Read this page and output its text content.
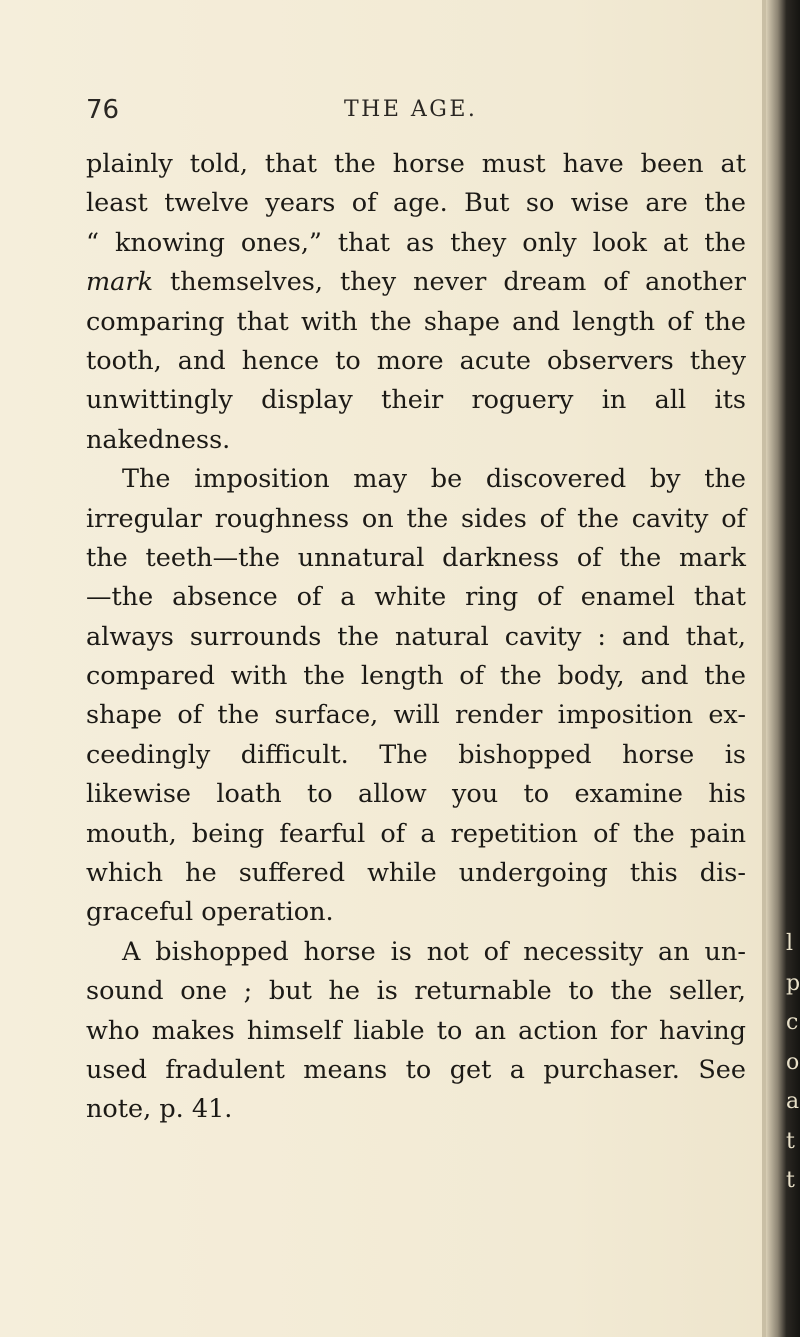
76	THE AGE.
plainly told, that the horse must have been at
least twelve years of age. But so wise are the
“ knowing ones,” that as they only look at the
mark themselves, they never dream of another
comparing that with the shape and length of the
tooth, and hence to more acute observers they
unwittingly display their roguery in all its
nakedness.
The imposition may be discovered by the
irregular roughness on the sides of the cavity of
the teeth—the unnatural darkness of the mark
—the absence of a white ring of enamel that
always surrounds the natural cavity : and that,
compared with the length of the body, and the
shape of the surface, will render imposition ex-
ceedingly difficult. The bishopped horse is
likewise loath to allow you to examine his
mouth, being fearful of a repetition of the pain
which he suffered while undergoing this dis-
graceful operation.
A bishopped horse is not of necessity an un-
sound one ; but he is returnable to the seller,
who makes himself liable to an action for having
used fradulent means to get a purchaser. See
note, p. 41.
l
p
c
o
a
t
t
